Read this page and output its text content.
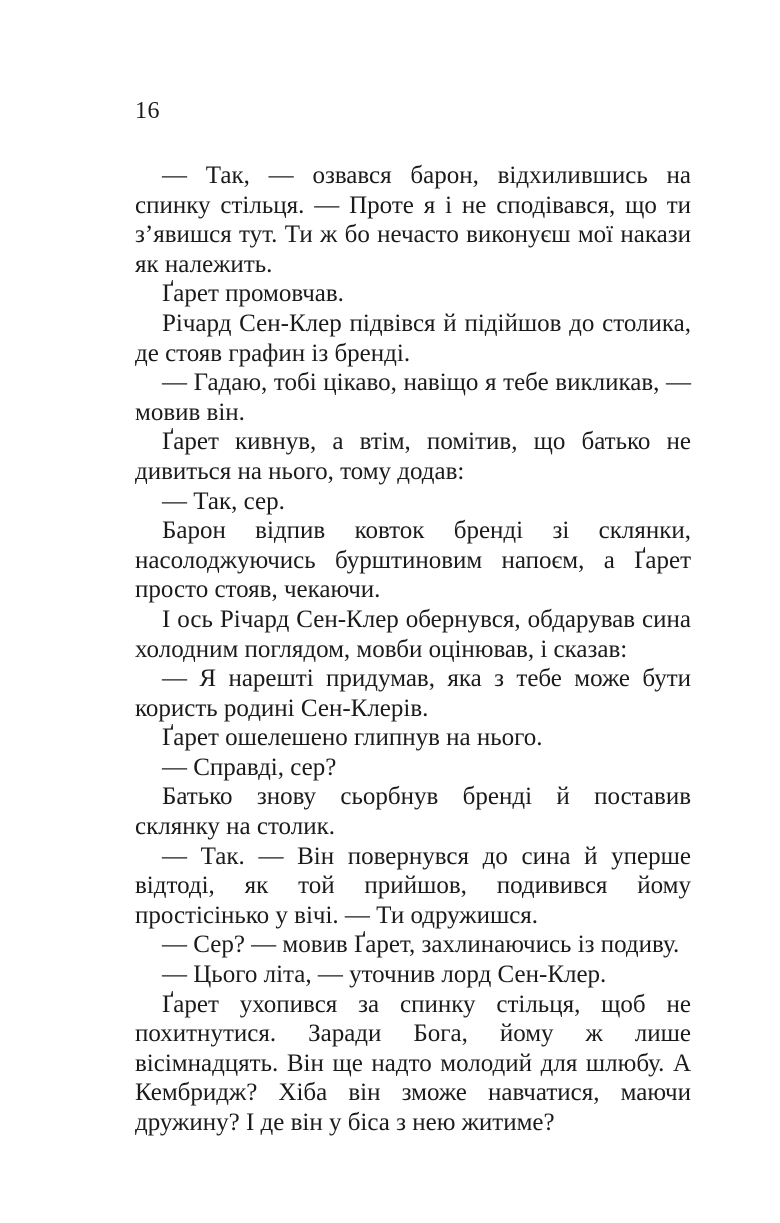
16

— Так, — озвався барон, відхилившись на спинку стільця. — Проте я і не сподівався, що ти з’явишся тут. Ти ж бо нечасто виконуєш мої накази як належить.

Ґарет промовчав.

Річард Сен-Клер підвівся й підійшов до столика, де стояв графин із бренді.

— Гадаю, тобі цікаво, навіщо я тебе викликав, — мовив він.

Ґарет кивнув, а втім, помітив, що батько не дивиться на нього, тому додав:

— Так, сер.

Барон відпив ковток бренді зі склянки, насолоджуючись бурштиновим напоєм, а Ґарет просто стояв, чекаючи.

І ось Річард Сен-Клер обернувся, обдарував сина холодним поглядом, мовби оцінював, і сказав:

— Я нарешті придумав, яка з тебе може бути користь родині Сен-Клерів.

Ґарет ошелешено глипнув на нього.

— Справді, сер?

Батько знову сьорбнув бренді й поставив склянку на столик.

— Так. — Він повернувся до сина й уперше відтоді, як той прийшов, подивився йому простісінько у вічі. — Ти одружишся.

— Сер? — мовив Ґарет, захлинаючись із подиву.

— Цього літа, — уточнив лорд Сен-Клер.

Ґарет ухопився за спинку стільця, щоб не похитнутися. Заради Бога, йому ж лише вісімнадцять. Він ще надто молодий для шлюбу. А Кембридж? Хіба він зможе навчатися, маючи дружину? І де він у біса з нею житиме?
